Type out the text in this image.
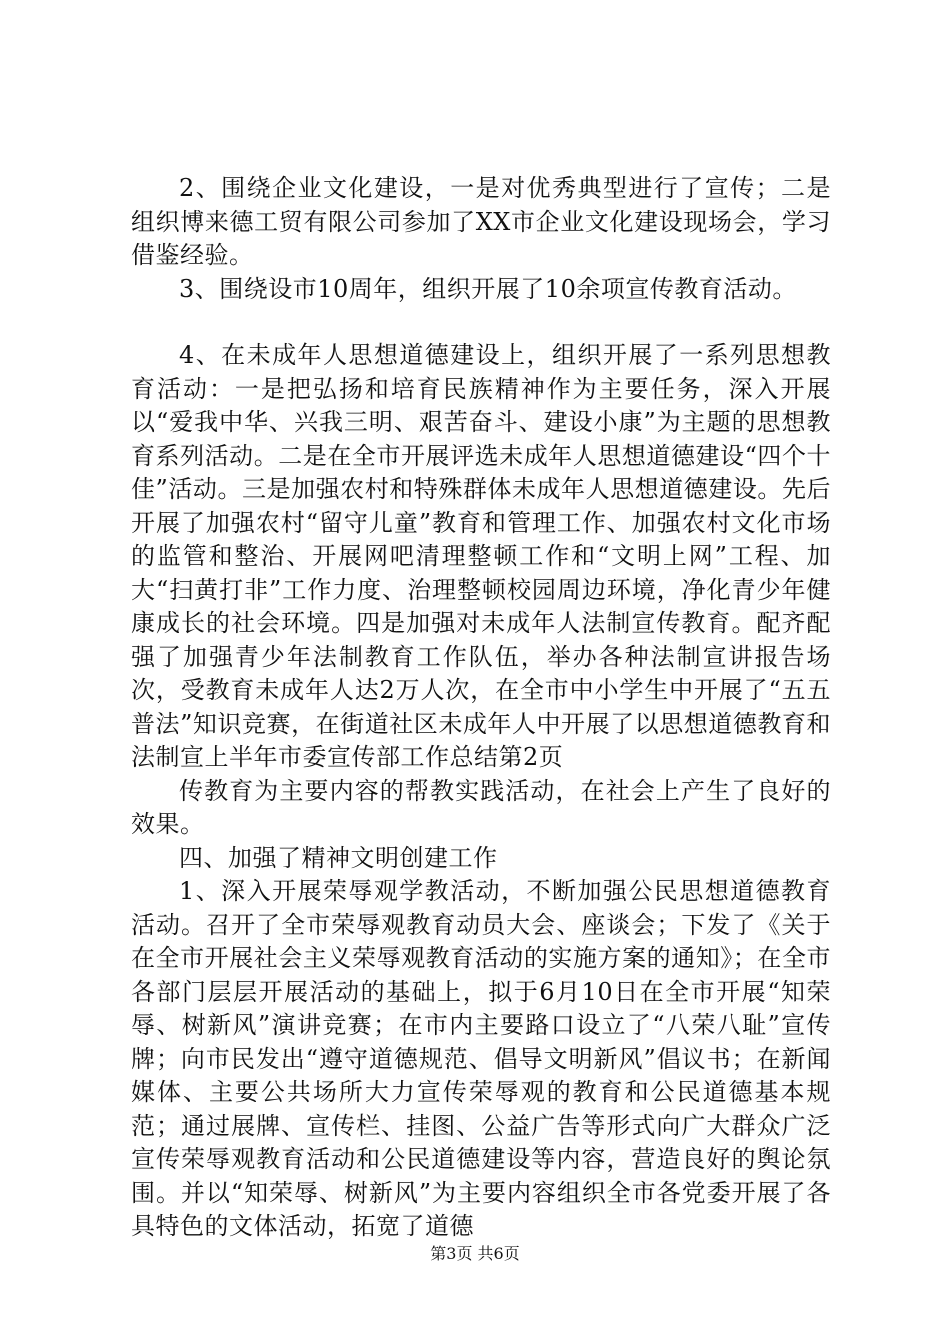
2、围绕企业文化建设，一是对优秀典型进行了宣传；二是组织博来德工贸有限公司参加了XX市企业文化建设现场会，学习借鉴经验。

3、围绕设市10周年，组织开展了10余项宣传教育活动。

4、在未成年人思想道德建设上，组织开展了一系列思想教育活动：一是把弘扬和培育民族精神作为主要任务，深入开展以“爱我中华、兴我三明、艰苦奋斗、建设小康”为主题的思想教育系列活动。二是在全市开展评选未成年人思想道德建设“四个十佳”活动。三是加强农村和特殊群体未成年人思想道德建设。先后开展了加强农村“留守儿童”教育和管理工作、加强农村文化市场的监管和整治、开展网吧清理整顿工作和“文明上网”工程、加大“扫黄打非”工作力度、治理整顿校园周边环境，净化青少年健康成长的社会环境。四是加强对未成年人法制宣传教育。配齐配强了加强青少年法制教育工作队伍，举办各种法制宣讲报告场次，受教育未成年人达2万人次，在全市中小学生中开展了“五五普法”知识竞赛，在街道社区未成年人中开展了以思想道德教育和法制宣上半年市委宣传部工作总结第2页

传教育为主要内容的帮教实践活动，在社会上产生了良好的效果。

四、加强了精神文明创建工作

1、深入开展荣辱观学教活动，不断加强公民思想道德教育活动。召开了全市荣辱观教育动员大会、座谈会；下发了《关于在全市开展社会主义荣辱观教育活动的实施方案的通知》；在全市各部门层层开展活动的基础上，拟于6月10日在全市开展“知荣辱、树新风”演讲竞赛；在市内主要路口设立了“八荣八耻”宣传牌；向市民发出“遵守道德规范、倡导文明新风”倡议书；在新闻媒体、主要公共场所大力宣传荣辱观的教育和公民道德基本规范；通过展牌、宣传栏、挂图、公益广告等形式向广大群众广泛宣传荣辱观教育活动和公民道德建设等内容，营造良好的舆论氛围。并以“知荣辱、树新风”为主要内容组织全市各党委开展了各具特色的文体活动，拓宽了道德

第3页 共6页
